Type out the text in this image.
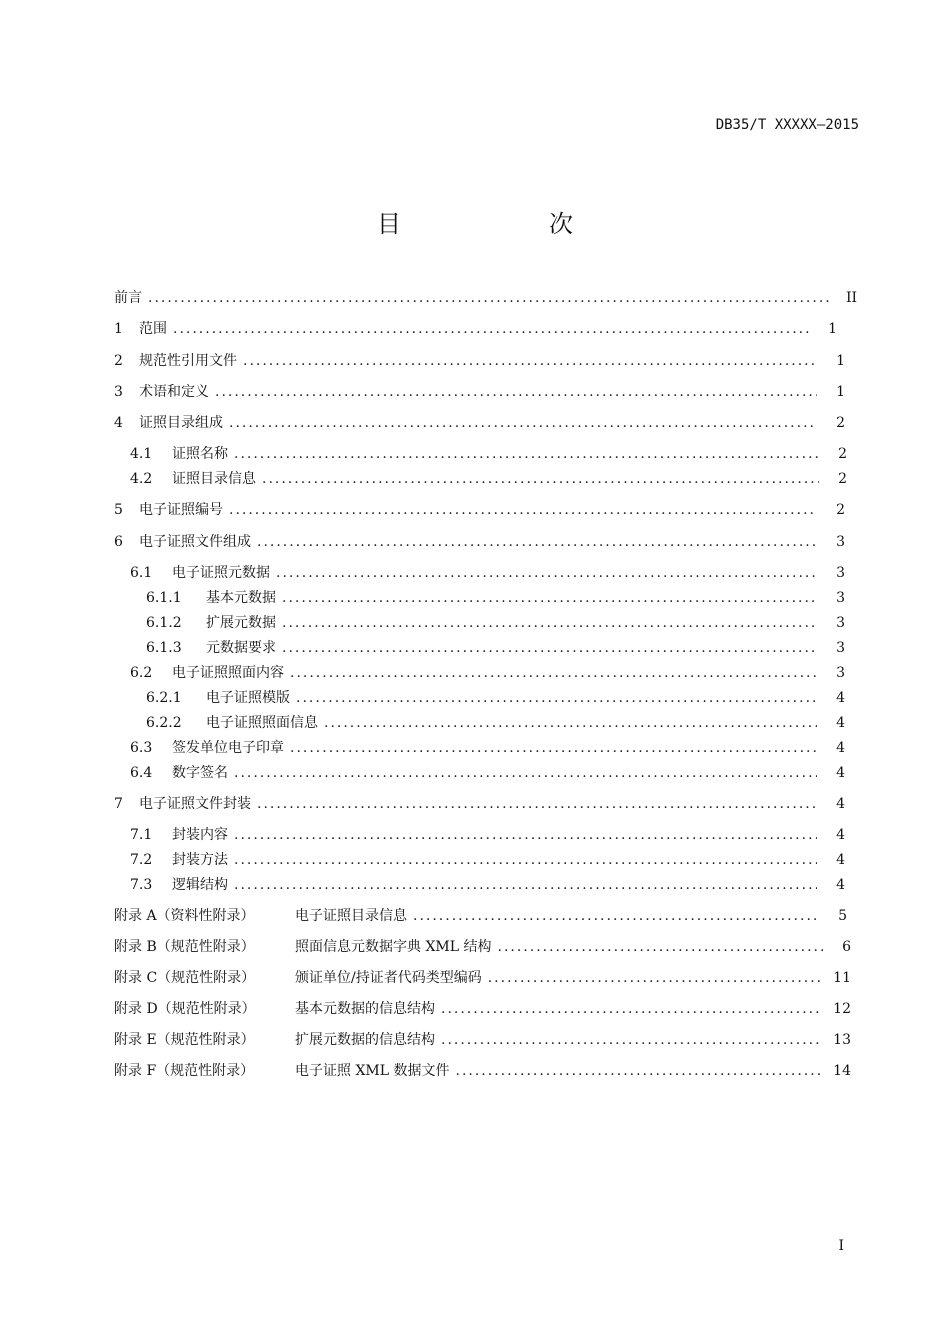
DB35/T XXXXX—2015
目　次
前言 .....	II
1	范围 .....	1
2	规范性引用文件 .....	1
3	术语和定义 .....	1
4	证照目录组成 .....	2
4.1	证照名称 .....	2
4.2	证照目录信息 .....	2
5	电子证照编号 .....	2
6	电子证照文件组成 .....	3
6.1	电子证照元数据 .....	3
6.1.1	基本元数据 .....	3
6.1.2	扩展元数据 .....	3
6.1.3	元数据要求 .....	3
6.2	电子证照照面内容 .....	3
6.2.1	电子证照模版 .....	4
6.2.2	电子证照照面信息 .....	4
6.3	签发单位电子印章 .....	4
6.4	数字签名 .....	4
7	电子证照文件封装 .....	4
7.1	封装内容 .....	4
7.2	封装方法 .....	4
7.3	逻辑结构 .....	4
附录 A（资料性附录）	电子证照目录信息 .....	5
附录 B（规范性附录）	照面信息元数据字典 XML 结构 .....	6
附录 C（规范性附录）	颁证单位/持证者代码类型编码 .....	11
附录 D（规范性附录）	基本元数据的信息结构 .....	12
附录 E（规范性附录）	扩展元数据的信息结构 .....	13
附录 F（规范性附录）	电子证照 XML 数据文件 .....	14
I
